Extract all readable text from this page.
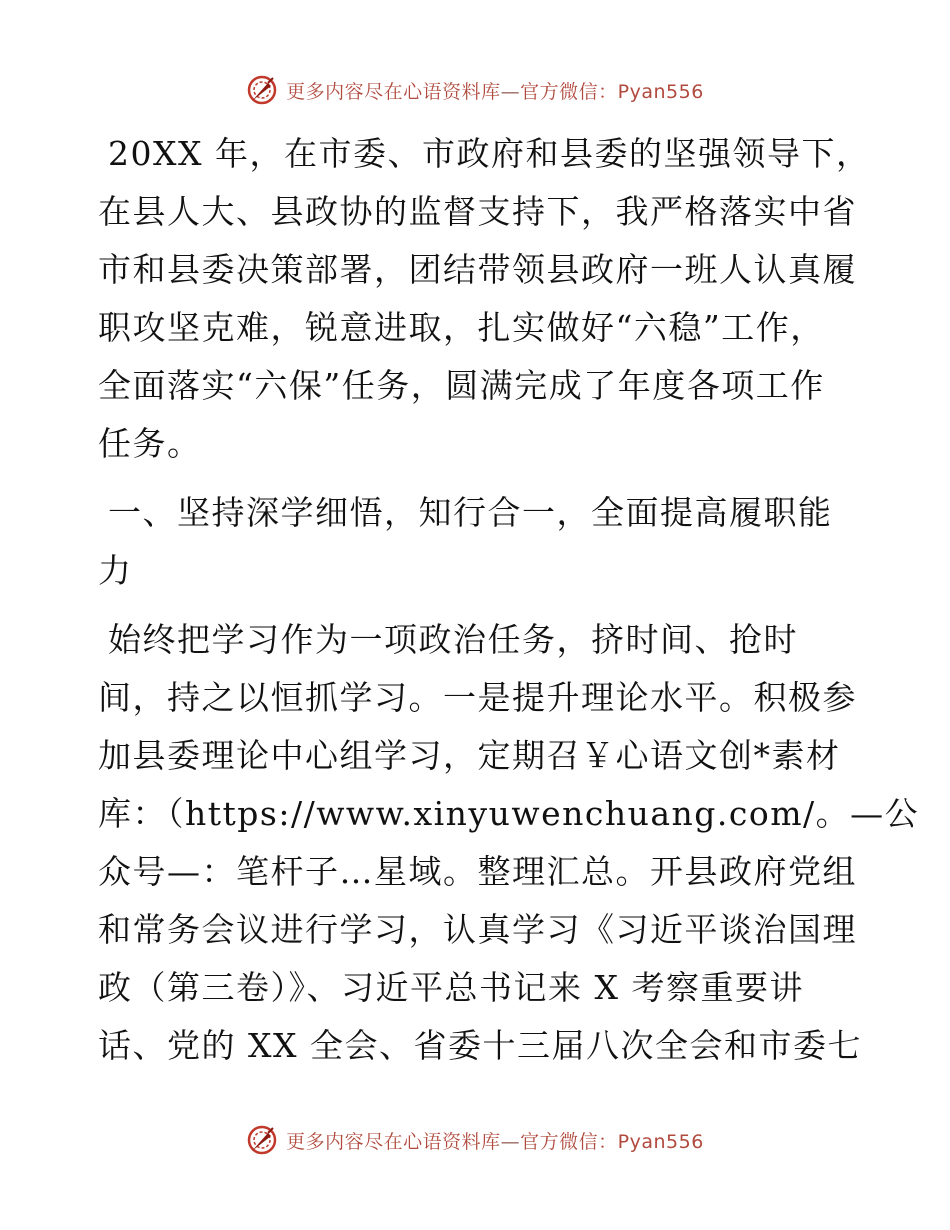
更多内容尽在心语资料库—官方微信：Pyan556

20XX 年，在市委、市政府和县委的坚强领导下，
在县人大、县政协的监督支持下，我严格落实中省
市和县委决策部署，团结带领县政府一班人认真履
职攻坚克难，锐意进取，扎实做好“六稳”工作，
全面落实“六保”任务，圆满完成了年度各项工作
任务。

一、坚持深学细悟，知行合一，全面提高履职能
力

始终把学习作为一项政治任务，挤时间、抢时
间，持之以恒抓学习。一是提升理论水平。积极参
加县委理论中心组学习，定期召￥心语文创*素材
库：（https://www.xinyuwenchuang.com/。—公
众号—：笔杆子…星域。整理汇总。开县政府党组
和常务会议进行学习，认真学习《习近平谈治国理
政（第三卷）》、习近平总书记来 X 考察重要讲
话、党的 XX 全会、省委十三届八次全会和市委七

更多内容尽在心语资料库—官方微信：Pyan556
